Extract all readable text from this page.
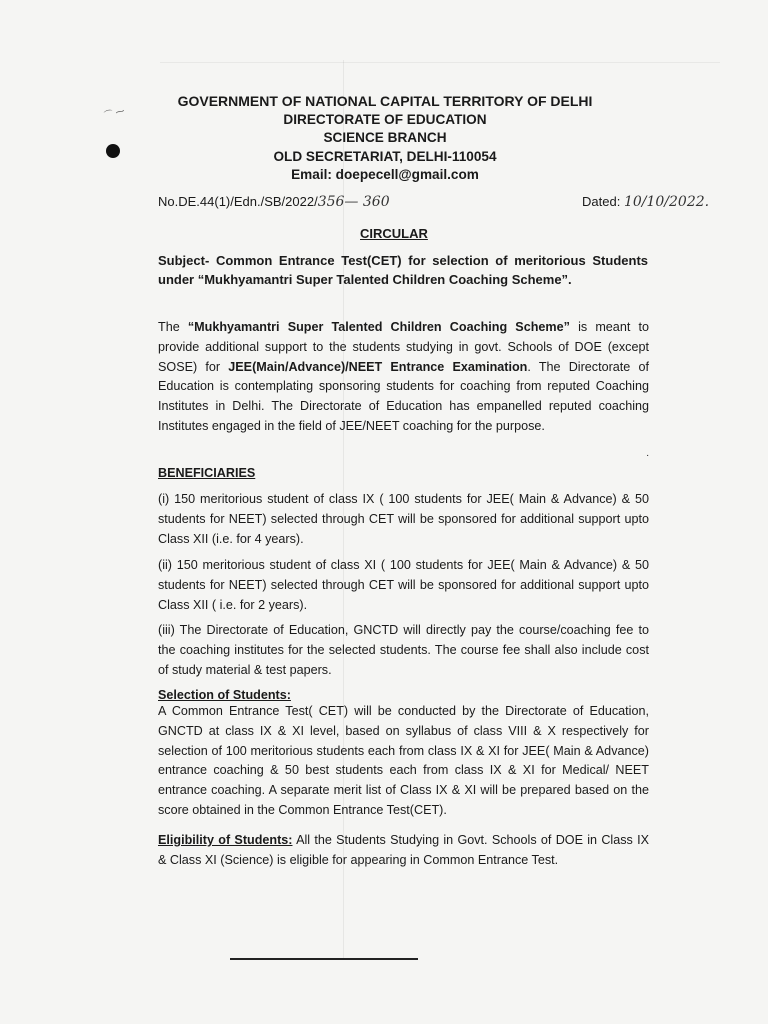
⌒ ⁓
GOVERNMENT OF NATIONAL CAPITAL TERRITORY OF DELHI
DIRECTORATE OF EDUCATION
SCIENCE BRANCH
OLD SECRETARIAT, DELHI-110054
Email: doepecell@gmail.com
No.DE.44(1)/Edn./SB/2022/356— 360	Dated: 10/10/2022.
CIRCULAR
Subject- Common Entrance Test(CET) for selection of meritorious Students under “Mukhyamantri Super Talented Children Coaching Scheme”.
The “Mukhyamantri Super Talented Children Coaching Scheme” is meant to provide additional support to the students studying in govt. Schools of DOE (except SOSE) for JEE(Main/Advance)/NEET Entrance Examination. The Directorate of Education is contemplating sponsoring students for coaching from reputed Coaching Institutes in Delhi. The Directorate of Education has empanelled reputed coaching Institutes engaged in the field of JEE/NEET coaching for the purpose.
·
BENEFICIARIES
(i) 150 meritorious student of class IX ( 100 students for JEE( Main & Advance) & 50 students for NEET) selected through CET will be sponsored for additional support upto Class XII (i.e. for 4 years).
(ii) 150 meritorious student of class XI ( 100 students for JEE( Main & Advance) & 50 students for NEET) selected through CET will be sponsored for additional support upto Class XII ( i.e. for 2 years).
(iii) The Directorate of Education, GNCTD will directly pay the course/coaching fee to the coaching institutes for the selected students. The course fee shall also include cost of study material & test papers.
Selection of Students:
A Common Entrance Test( CET) will be conducted by the Directorate of Education, GNCTD at class IX & XI level, based on syllabus of class VIII & X respectively for selection of 100 meritorious students each from class IX & XI for JEE( Main & Advance) entrance coaching & 50 best students each from class IX & XI for Medical/ NEET entrance coaching. A separate merit list of Class IX & XI will be prepared based on the score obtained in the Common Entrance Test(CET).
Eligibility of Students: All the Students Studying in Govt. Schools of DOE in Class IX & Class XI (Science) is eligible for appearing in Common Entrance Test.
